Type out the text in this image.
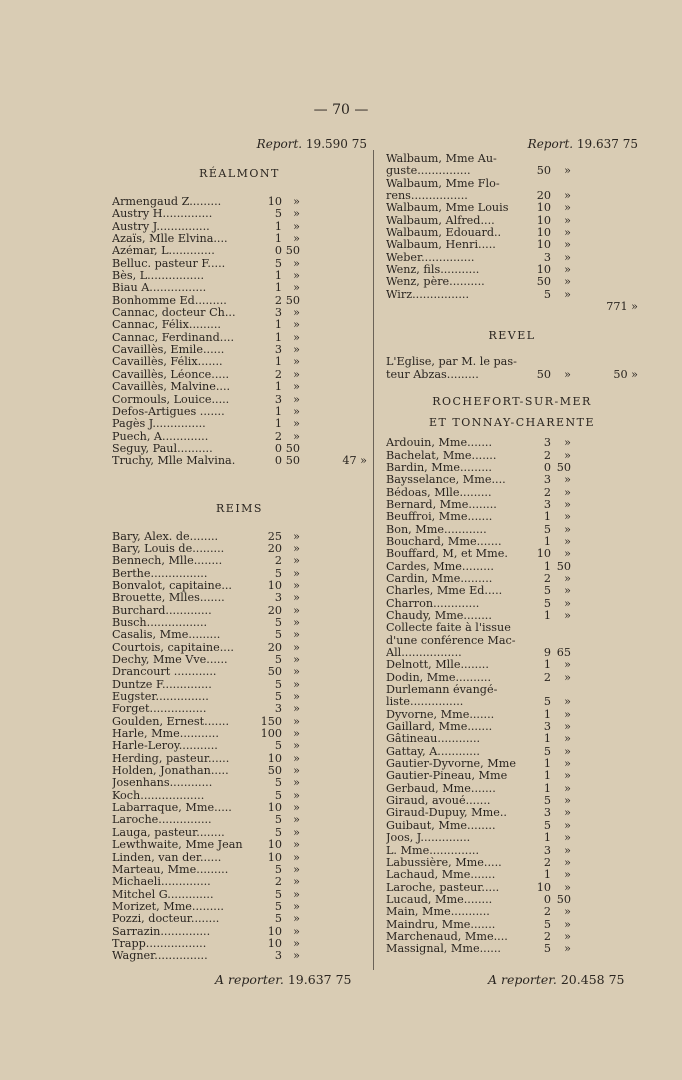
— 70 —
Report. 19.590 75
RÉALMONT
Armengaud Z.........	10 »
Austry H..............	5 »
Austry J...............	1 »
Azaïs, Mlle Elvina....	1 »
Azémar, L.............	0 50
Belluc. pasteur F.....	5 »
Bès, L................	1 »
Biau A................	1 »
Bonhomme Ed.........	2 50
Cannac, docteur Ch...	3 »
Cannac, Félix.........	1 »
Cannac, Ferdinand....	1 »
Cavaillès, Emile......	3 »
Cavaillès, Félix.......	1 »
Cavaillès, Léonce.....	2 »
Cavaillès, Malvine....	1 »
Cormouls, Louice.....	3 »
Defos-Artigues .......	1 »
Pagès J...............	1 »
Puech, A.............	2 »
Seguy, Paul..........	0 50
Truchy, Mlle Malvina.	0 50	47 »
REIMS
Bary, Alex. de........	25 »
Bary, Louis de.........	20 »
Bennech, Mlle........	2 »
Berthe................	5 »
Bonvalot, capitaine...	10 »
Brouette, Mlles.......	3 »
Burchard.............	20 »
Busch.................	5 »
Casalis, Mme.........	5 »
Courtois, capitaine....	20 »
Dechy, Mme Vve......	5 »
Drancourt ............	50 »
Duntze F..............	5 »
Eugster...............	5 »
Forget................	3 »
Goulden, Ernest.......	150 »
Harle, Mme...........	100 »
Harle-Leroy...........	5 »
Herding, pasteur......	10 »
Holden, Jonathan.....	50 »
Josenhans............	5 »
Koch..................	5 »
Labarraque, Mme.....	10 »
Laroche...............	5 »
Lauga, pasteur........	5 »
Lewthwaite, Mme Jean	10 »
Linden, van der......	10 »
Marteau, Mme.........	5 »
Michaeli..............	2 »
Mitchel G.............	5 »
Morizet, Mme.........	5 »
Pozzi, docteur........	5 »
Sarrazin..............	10 »
Trapp.................	10 »
Wagner...............	3 »
Report. 19.637 75
Walbaum, Mme Au-
guste...............	50	»
Walbaum, Mme Flo-
rens................	20	»
Walbaum, Mme Louis	10	»
Walbaum, Alfred....	10	»
Walbaum, Edouard..	10	»
Walbaum, Henri.....	10	»
Weber...............	3	»
Wenz, fils...........	10	»
Wenz, père..........	50	»
Wirz................	5	»
771 »
REVEL
L'Eglise, par M. le pas-
teur Abzas.........	50	»	50 »
ROCHEFORT-SUR-MER
ET TONNAY-CHARENTE
Ardouin, Mme.......	3	»
Bachelat, Mme.......	2	»
Bardin, Mme.........	0 50
Baysselance, Mme....	3	»
Bédoas, Mlle.........	2	»
Bernard, Mme........	3	»
Beuffroi, Mme.......	1	»
Bon, Mme............	5	»
Bouchard, Mme.......	1	»
Bouffard, M, et Mme.	10	»
Cardes, Mme.........	1 50
Cardin, Mme.........	2	»
Charles, Mme Ed.....	5	»
Charron.............	5	»
Chaudy, Mme........	1	»
Collecte faite à l'issue
d'une conférence Mac-
All.................	9 65
Delnott, Mlle........	1	»
Dodin, Mme..........	2	»
Durlemann évangé-
liste...............	5	»
Dyvorne, Mme.......	1	»
Gaillard, Mme.......	3	»
Gâtineau............	1	»
Gattay, A............	5	»
Gautier-Dyvorne, Mme	1	»
Gautier-Pineau, Mme	1	»
Gerbaud, Mme.......	1	»
Giraud, avoué.......	5	»
Giraud-Dupuy, Mme..	3	»
Guibaut, Mme........	5	»
Joos, J..............	1	»
L. Mme..............	3	»
Labussière, Mme.....	2	»
Lachaud, Mme.......	1	»
Laroche, pasteur.....	10	»
Lucaud, Mme........	0 50
Main, Mme...........	2	»
Maindru, Mme.......	5	»
Marchenaud, Mme....	2	»
Massignal, Mme......	5	»
A reporter. 19.637 75	A reporter. 20.458 75
